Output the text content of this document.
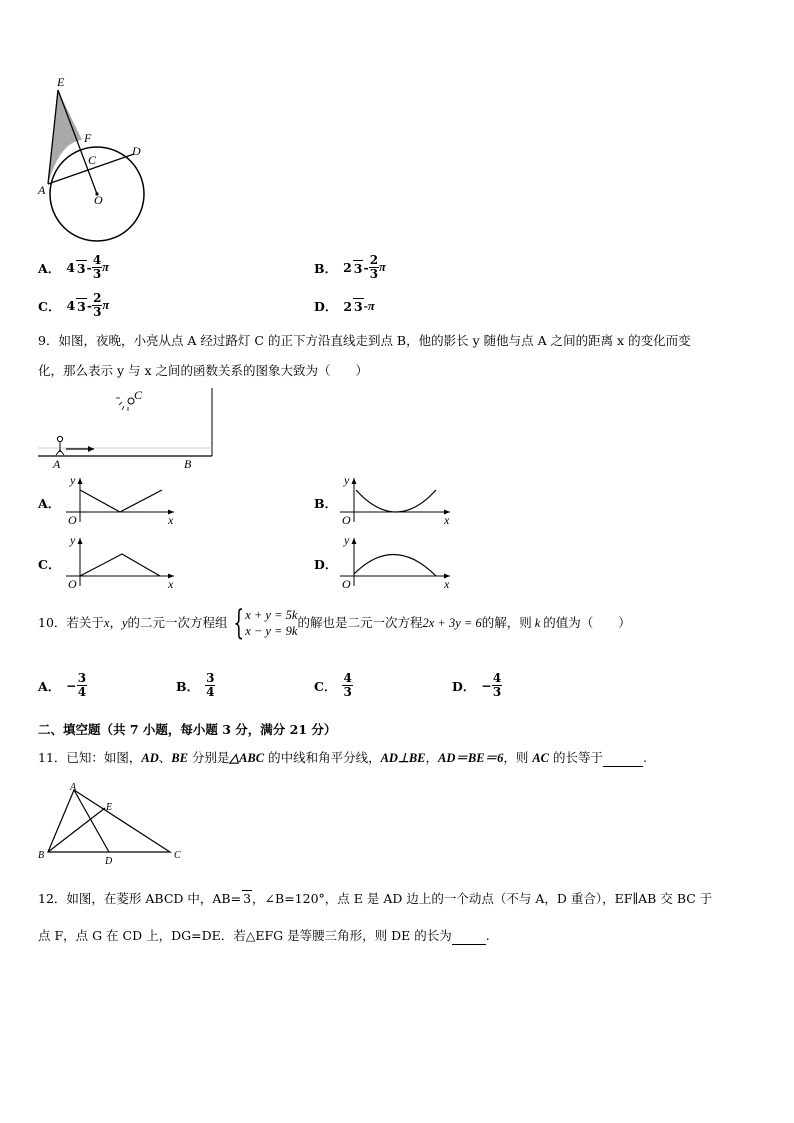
E
F
C
D
A
O
A． 4 $3 - \frac{4}{3}$ π	B． 2 $3 - \frac{2}{3}$ π
C． 4 $3 - \frac{2}{3}$ π	D． 2 3 -π
9．如图，夜晚，小亮从点 A 经过路灯 C 的正下方沿直线走到点 B，他的影长 y 随他与点 A 之间的距离 x 的变化而变
化，那么表示 y 与 x 之间的函数关系的图象大致为（　　）
C
A	B
A．
O
y
x
B．
O
y
x
C．
O
y
x
D．
O
y
x
10．若关于 x ， y 的二元一次方程组 { x + y = 5k
x − y = 9k
的解也是二元一次方程 2x + 3y = 6 的解，则 k 的值为（　　）
A． − $\frac{3}{4}$	B． $\frac{3}{4}$	C． $\frac{4}{3}$	D． − $\frac{4}{3}$
二、填空题（共 7 小题，每小题 3 分，满分 21 分）
11．已知：如图，AD、BE 分别是△ABC 的中线和角平分线，AD⊥BE，AD＝BE＝6，则 AC 的长等于	.
A
E
B
D
C
12．如图，在菱形 ABCD 中，AB= 3，∠B=120°，点 E 是 AD 边上的一个动点（不与 A，D 重合），EF∥AB 交 BC 于
点 F，点 G 在 CD 上，DG=DE．若△EFG 是等腰三角形，则 DE 的长为	.
